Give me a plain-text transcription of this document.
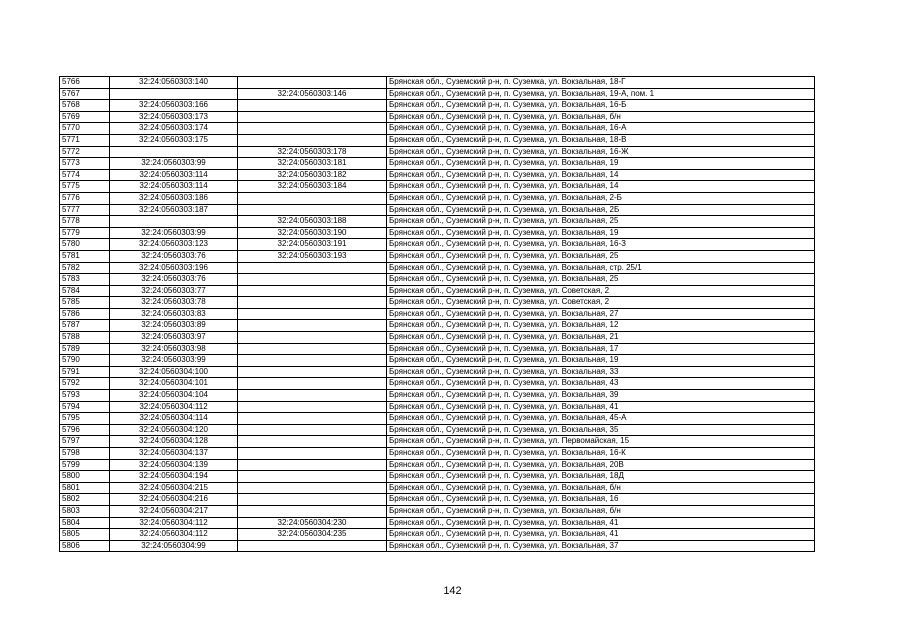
5766	32:24:0560303:140		Брянская обл., Суземский р-н, п. Суземка, ул. Вокзальная, 18-Г
5767		32:24:0560303:146	Брянская обл., Суземский р-н, п. Суземка, ул. Вокзальная, 19-А, пом. 1
5768	32:24:0560303:166		Брянская обл., Суземский р-н, п. Суземка, ул. Вокзальная, 16-Б
5769	32:24:0560303:173		Брянская обл., Суземский р-н, п. Суземка, ул. Вокзальная, б/н
5770	32:24:0560303:174		Брянская обл., Суземский р-н, п. Суземка, ул. Вокзальная, 16-А
5771	32:24:0560303:175		Брянская обл., Суземский р-н, п. Суземка, ул. Вокзальная, 18-В
5772		32:24:0560303:178	Брянская обл., Суземский р-н, п. Суземка, ул. Вокзальная, 16-Ж
5773	32:24:0560303:99	32:24:0560303:181	Брянская обл., Суземский р-н, п. Суземка, ул. Вокзальная, 19
5774	32:24:0560303:114	32:24:0560303:182	Брянская обл., Суземский р-н, п. Суземка, ул. Вокзальная, 14
5775	32:24:0560303:114	32:24:0560303:184	Брянская обл., Суземский р-н, п. Суземка, ул. Вокзальная, 14
5776	32:24:0560303:186		Брянская обл., Суземский р-н, п. Суземка, ул. Вокзальная, 2-Б
5777	32:24:0560303:187		Брянская обл., Суземский р-н, п. Суземка, ул. Вокзальная, 2Б
5778		32:24:0560303:188	Брянская обл., Суземский р-н, п. Суземка, ул. Вокзальная, 25
5779	32:24:0560303:99	32:24:0560303:190	Брянская обл., Суземский р-н, п. Суземка, ул. Вокзальная, 19
5780	32:24:0560303:123	32:24:0560303:191	Брянская обл., Суземский р-н, п. Суземка, ул. Вокзальная, 16-З
5781	32:24:0560303:76	32:24:0560303:193	Брянская обл., Суземский р-н, п. Суземка, ул. Вокзальная, 25
5782	32:24:0560303:196		Брянская обл., Суземский р-н, п. Суземка, ул. Вокзальная, стр. 25/1
5783	32:24:0560303:76		Брянская обл., Суземский р-н, п. Суземка, ул. Вокзальная, 25
5784	32:24:0560303:77		Брянская обл., Суземский р-н, п. Суземка, ул. Советская, 2
5785	32:24:0560303:78		Брянская обл., Суземский р-н, п. Суземка, ул. Советская, 2
5786	32:24:0560303:83		Брянская обл., Суземский р-н, п. Суземка, ул. Вокзальная, 27
5787	32:24:0560303:89		Брянская обл., Суземский р-н, п. Суземка, ул. Вокзальная, 12
5788	32:24:0560303:97		Брянская обл., Суземский р-н, п. Суземка, ул. Вокзальная, 21
5789	32:24:0560303:98		Брянская обл., Суземский р-н, п. Суземка, ул. Вокзальная, 17
5790	32:24:0560303:99		Брянская обл., Суземский р-н, п. Суземка, ул. Вокзальная, 19
5791	32:24:0560304:100		Брянская обл., Суземский р-н, п. Суземка, ул. Вокзальная, 33
5792	32:24:0560304:101		Брянская обл., Суземский р-н, п. Суземка, ул. Вокзальная, 43
5793	32:24:0560304:104		Брянская обл., Суземский р-н, п. Суземка, ул. Вокзальная, 39
5794	32:24:0560304:112		Брянская обл., Суземский р-н, п. Суземка, ул. Вокзальная, 41
5795	32:24:0560304:114		Брянская обл., Суземский р-н, п. Суземка, ул. Вокзальная, 45-А
5796	32:24:0560304:120		Брянская обл., Суземский р-н, п. Суземка, ул. Вокзальная, 35
5797	32:24:0560304:128		Брянская обл., Суземский р-н, п. Суземка, ул. Первомайская, 15
5798	32:24:0560304:137		Брянская обл., Суземский р-н, п. Суземка, ул. Вокзальная, 16-К
5799	32:24:0560304:139		Брянская обл., Суземский р-н, п. Суземка, ул. Вокзальная, 20В
5800	32:24:0560304:194		Брянская обл., Суземский р-н, п. Суземка, ул. Вокзальная, 18Д
5801	32:24:0560304:215		Брянская обл., Суземский р-н, п. Суземка, ул. Вокзальная, б/н
5802	32:24:0560304:216		Брянская обл., Суземский р-н, п. Суземка, ул. Вокзальная, 16
5803	32:24:0560304:217		Брянская обл., Суземский р-н, п. Суземка, ул. Вокзальная, б/н
5804	32:24:0560304:112	32:24:0560304:230	Брянская обл., Суземский р-н, п. Суземка, ул. Вокзальная, 41
5805	32:24:0560304:112	32:24:0560304:235	Брянская обл., Суземский р-н, п. Суземка, ул. Вокзальная, 41
5806	32:24:0560304:99		Брянская обл., Суземский р-н, п. Суземка, ул. Вокзальная, 37
142
